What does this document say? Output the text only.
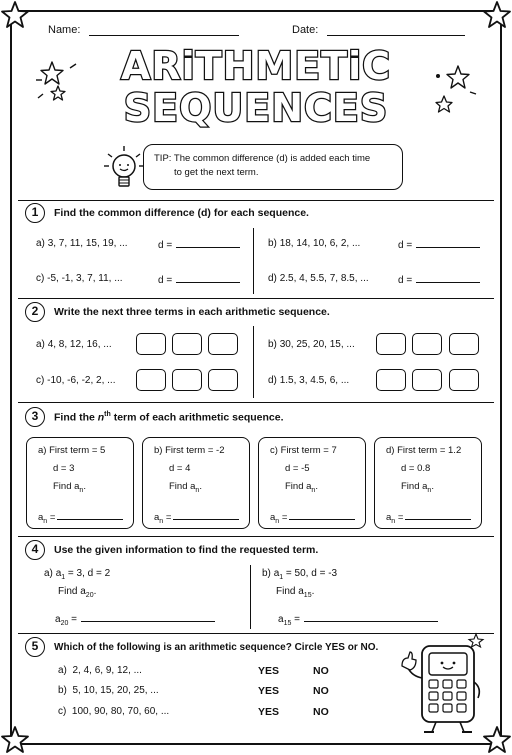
Name:	Date:
ARiTHMETiC
SEQUENCES
TIP: The common difference (d) is added each time
to get the next term.
1	Find the common difference (d) for each sequence.
a) 3, 7, 11, 15, 19, ...	d =	b) 18, 14, 10, 6, 2, ...	d =
c) -5, -1, 3, 7, 11, ...	d =	d) 2.5, 4, 5.5, 7, 8.5, ...	d =
2	Write the next three terms in each arithmetic sequence.
a) 4, 8, 12, 16, ...	b) 30, 25, 20, 15, ...
c) -10, -6, -2, 2, ...	d) 1.5, 3, 4.5, 6, ...
3	Find the $n^{th}$ term of each arithmetic sequence.
a) First term = 5
d = 3
Find $a_n$.
$a_n$ =
b) First term = -2
d = 4
Find $a_n$.
$a_n$ =
c) First term = 7
d = -5
Find $a_n$.
$a_n$ =
d) First term = 1.2
d = 0.8
Find $a_n$.
$a_n$ =
4	Use the given information to find the requested term.
a) $a_1 = 3$, d = 2
Find $a_{20}$.
$a_{20}$ =
b) $a_1 = 50$, d = -3
Find $a_{15}$.
$a_{15}$ =
5	Which of the following is an arithmetic sequence? Circle YES or NO.
a) 2, 4, 6, 9, 12, ...	YES	NO
b) 5, 10, 15, 20, 25, ...	YES	NO
c) 100, 90, 80, 70, 60, ...	YES	NO
